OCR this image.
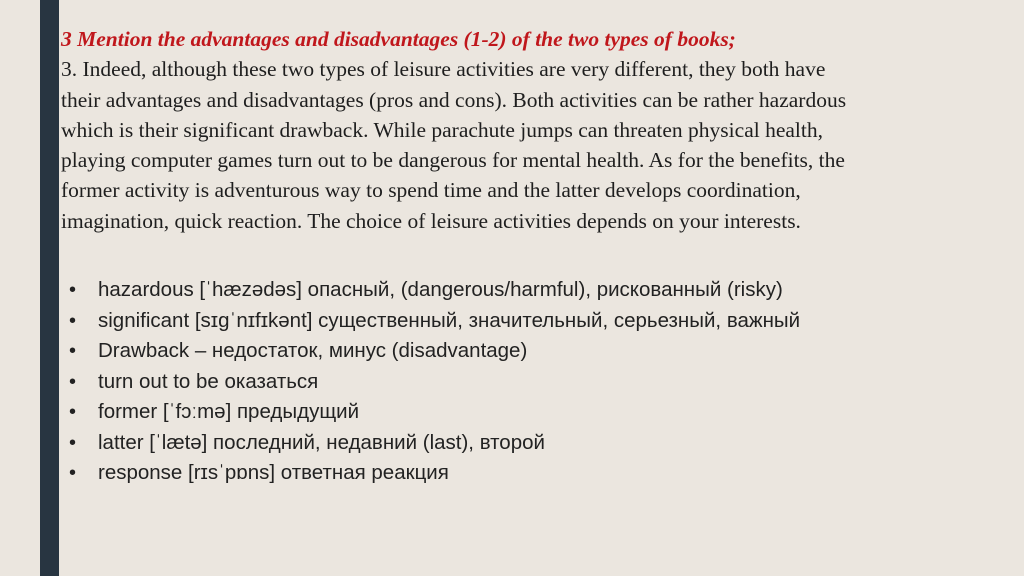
3 Mention the advantages and disadvantages (1-2) of the two types of books;
3. Indeed, although these two types of leisure activities are very different, they both have
their advantages and disadvantages (pros and cons). Both activities can be rather hazardous
which is their significant drawback. While parachute jumps can threaten physical health,
playing computer games turn out to be dangerous for mental health. As for the benefits, the
former activity is adventurous way to spend time and the latter develops coordination,
imagination, quick reaction. The choice of leisure activities depends on your interests.
• hazardous [ˈhæzədəs] опасный, (dangerous/harmful), рискованный (risky)
• significant [sɪɡˈnɪfɪkənt] существенный, значительный, серьезный, важный
• Drawback – недостаток, минус (disadvantage)
• turn out to be оказаться
• former [ˈfɔːmə] предыдущий
• latter [ˈlætə] последний, недавний (last), второй
• response [rɪsˈpɒns] ответная реакция
